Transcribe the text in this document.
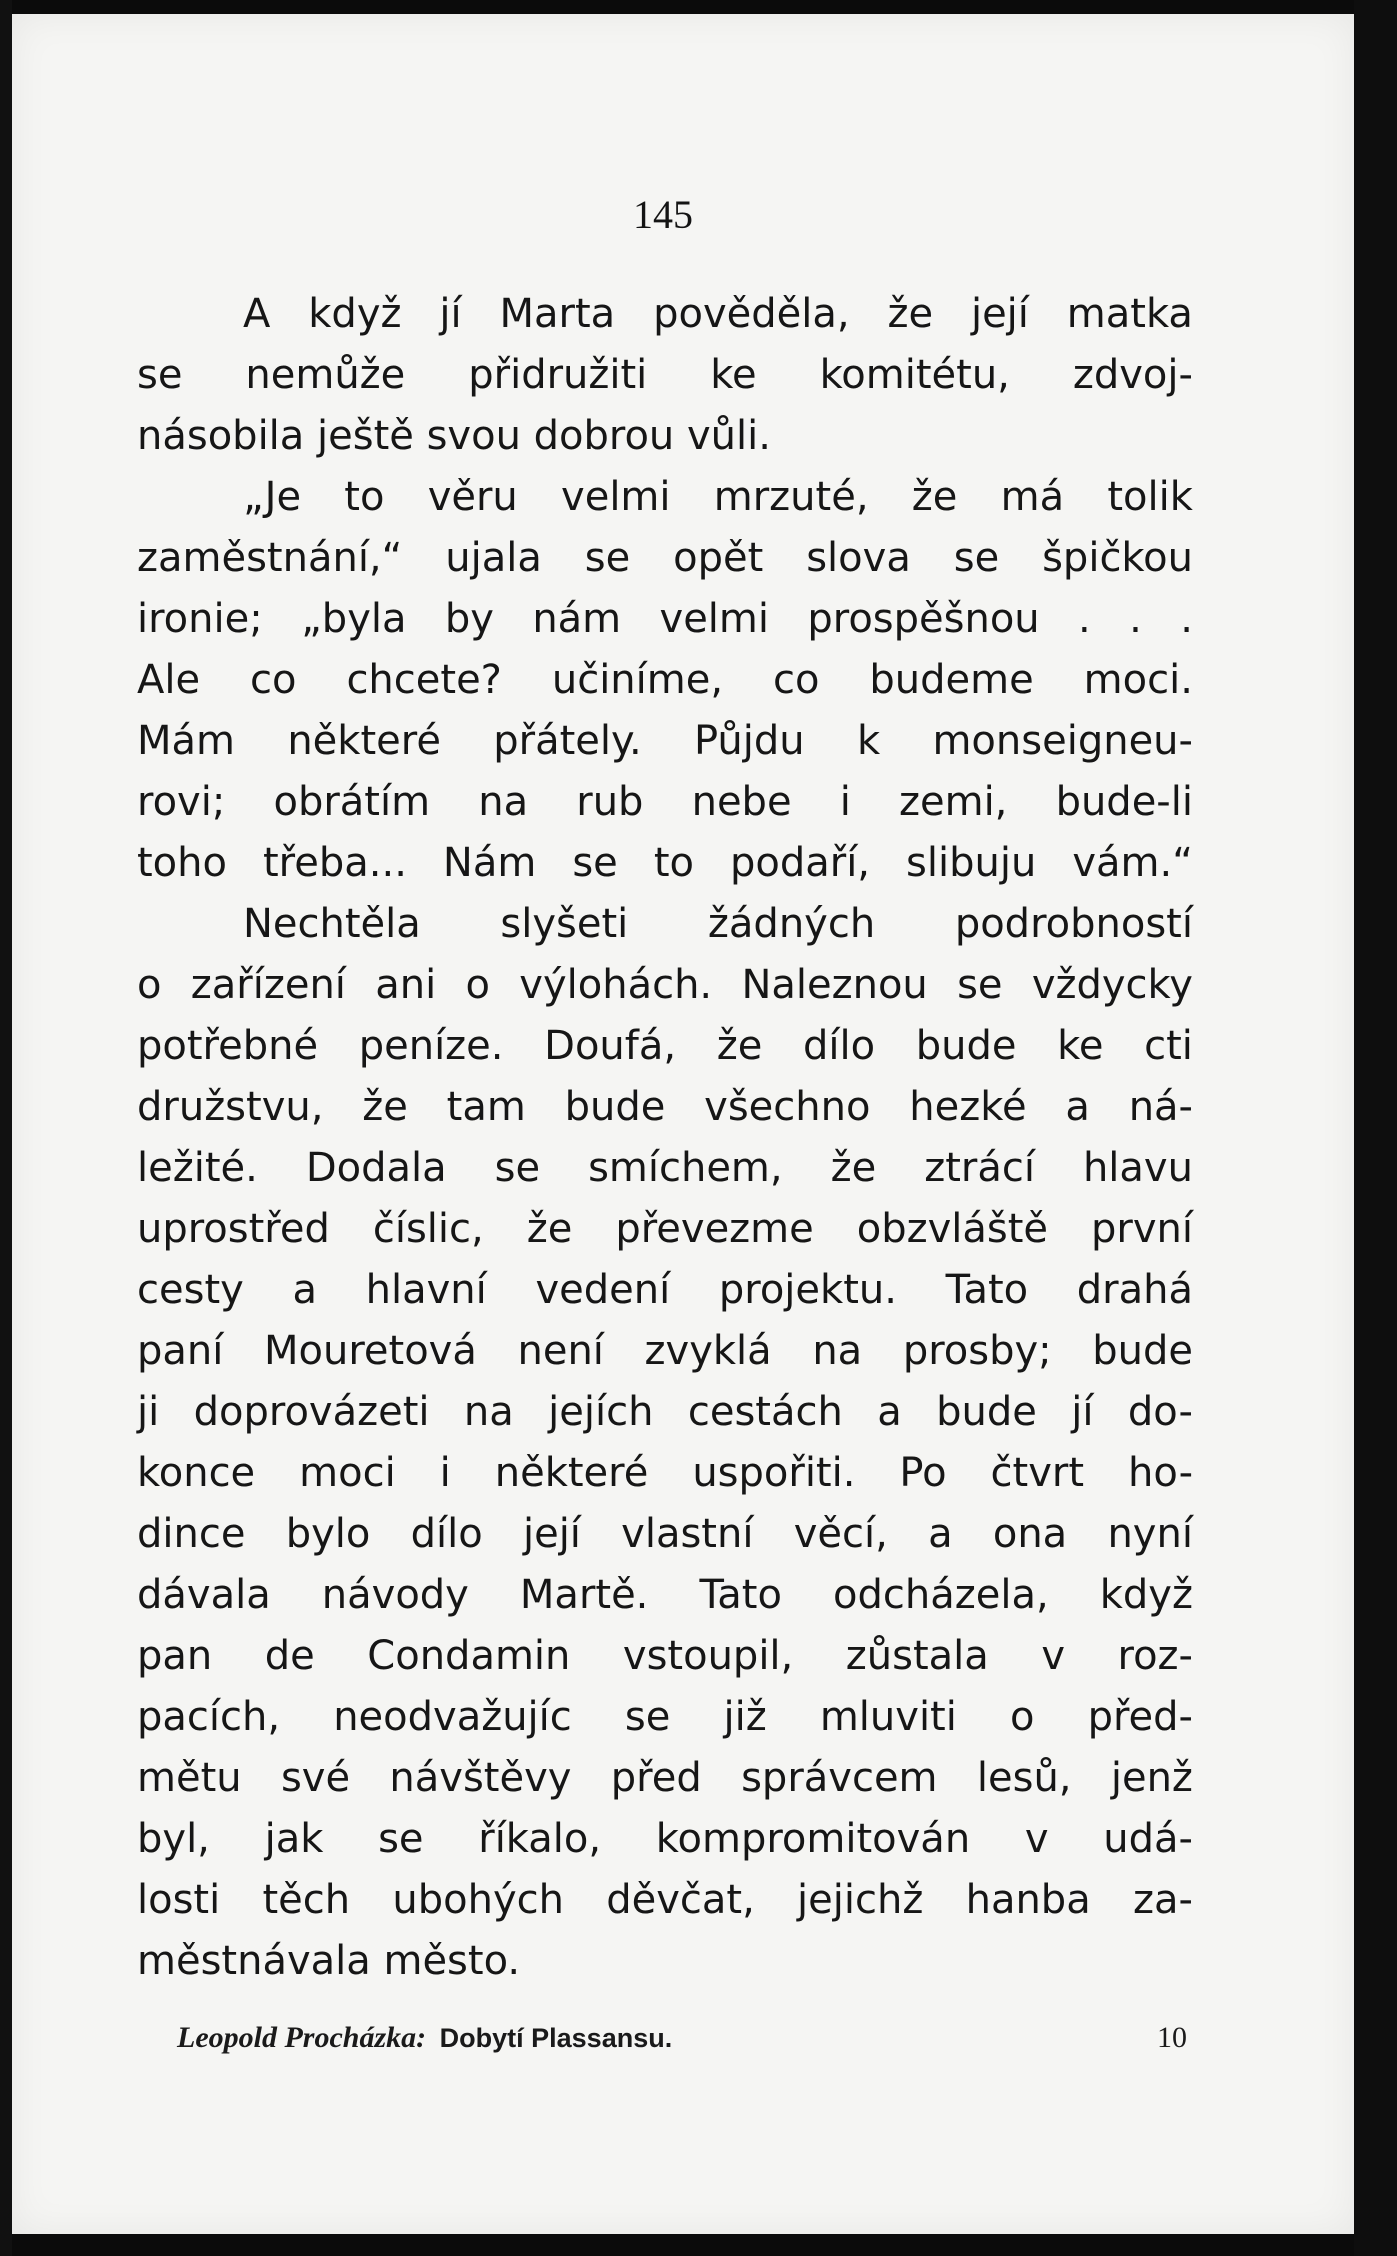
145
A když jí Marta pověděla, že její matka
se nemůže přidružiti ke komitétu, zdvoj-
násobila ještě svou dobrou vůli.
„Je to věru velmi mrzuté, že má tolik
zaměstnání,“ ujala se opět slova se špičkou
ironie; „byla by nám velmi prospěšnou . . .
Ale co chcete? učiníme, co budeme moci.
Mám některé přátely. Půjdu k monseigneu-
rovi; obrátím na rub nebe i zemi, bude-li
toho třeba... Nám se to podaří, slibuju vám.“
Nechtěla slyšeti žádných podrobností
o zařízení ani o výlohách. Naleznou se vždycky
potřebné peníze. Doufá, že dílo bude ke cti
družstvu, že tam bude všechno hezké a ná-
ležité. Dodala se smíchem, že ztrácí hlavu
uprostřed číslic, že převezme obzvláště první
cesty a hlavní vedení projektu. Tato drahá
paní Mouretová není zvyklá na prosby; bude
ji doprovázeti na jejích cestách a bude jí do-
konce moci i některé uspořiti. Po čtvrt ho-
dince bylo dílo její vlastní věcí, a ona nyní
dávala návody Martě. Tato odcházela, když
pan de Condamin vstoupil, zůstala v roz-
pacích, neodvažujíc se již mluviti o před-
mětu své návštěvy před správcem lesů, jenž
byl, jak se říkalo, kompromitován v udá-
losti těch ubohých děvčat, jejichž hanba za-
městnávala město.
Leopold Procházka: Dobytí Plassansu.	10
